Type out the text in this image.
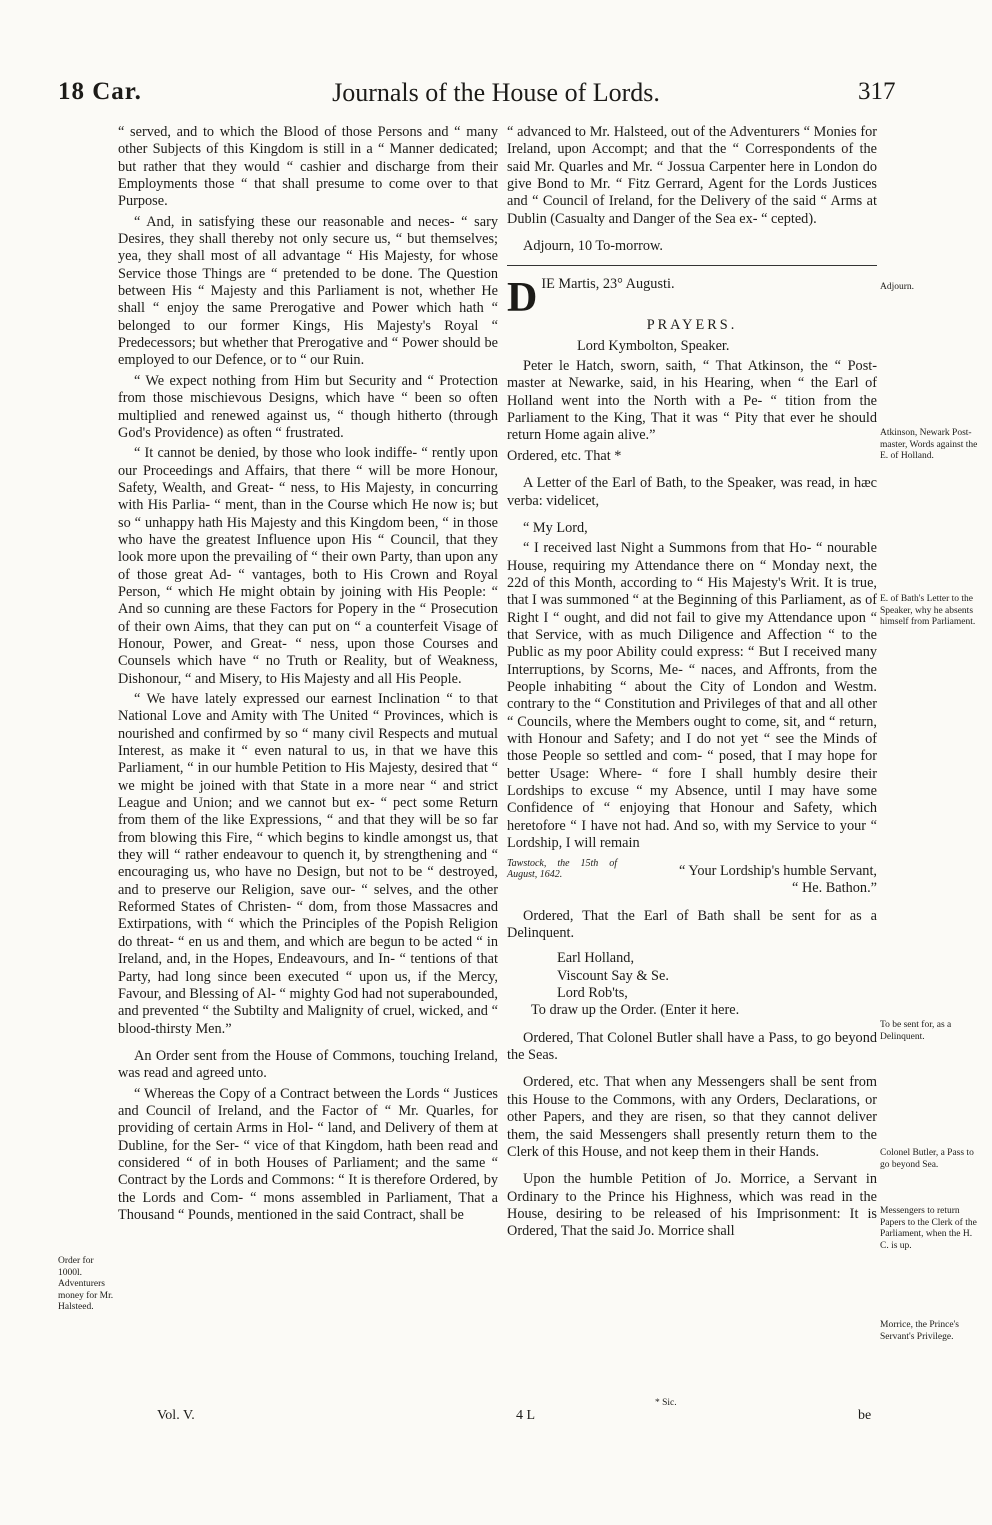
18 Car.	Journals of the House of Lords.	317

“ served, and to which the Blood of those Persons and “ many other Subjects of this Kingdom is still in a “ Manner dedicated; but rather that they would “ cashier and discharge from their Employments those “ that shall presume to come over to that Purpose.

“ And, in satisfying these our reasonable and neces- “ sary Desires, they shall thereby not only secure us, “ but themselves; yea, they shall most of all advantage “ His Majesty, for whose Service those Things are “ pretended to be done. The Question between His “ Majesty and this Parliament is not, whether He shall “ enjoy the same Prerogative and Power which hath “ belonged to our former Kings, His Majesty's Royal “ Predecessors; but whether that Prerogative and “ Power should be employed to our Defence, or to “ our Ruin.

“ We expect nothing from Him but Security and “ Protection from those mischievous Designs, which have “ been so often multiplied and renewed against us, “ though hitherto (through God's Providence) as often “ frustrated.

“ It cannot be denied, by those who look indiffe- “ rently upon our Proceedings and Affairs, that there “ will be more Honour, Safety, Wealth, and Great- “ ness, to His Majesty, in concurring with His Parlia- “ ment, than in the Course which He now is; but so “ unhappy hath His Majesty and this Kingdom been, “ in those who have the greatest Influence upon His “ Council, that they look more upon the prevailing of “ their own Party, than upon any of those great Ad- “ vantages, both to His Crown and Royal Person, “ which He might obtain by joining with His People: “ And so cunning are these Factors for Popery in the “ Prosecution of their own Aims, that they can put on “ a counterfeit Visage of Honour, Power, and Great- “ ness, upon those Courses and Counsels which have “ no Truth or Reality, but of Weakness, Dishonour, “ and Misery, to His Majesty and all His People.

“ We have lately expressed our earnest Inclination “ to that National Love and Amity with The United “ Provinces, which is nourished and confirmed by so “ many civil Respects and mutual Interest, as make it “ even natural to us, in that we have this Parliament, “ in our humble Petition to His Majesty, desired that “ we might be joined with that State in a more near “ and strict League and Union; and we cannot but ex- “ pect some Return from them of the like Expressions, “ and that they will be so far from blowing this Fire, “ which begins to kindle amongst us, that they will “ rather endeavour to quench it, by strengthening and “ encouraging us, who have no Design, but not to be “ destroyed, and to preserve our Religion, save our- “ selves, and the other Reformed States of Christen- “ dom, from those Massacres and Extirpations, with “ which the Principles of the Popish Religion do threat- “ en us and them, and which are begun to be acted “ in Ireland, and, in the Hopes, Endeavours, and In- “ tentions of that Party, had long since been executed “ upon us, if the Mercy, Favour, and Blessing of Al- “ mighty God had not superabounded, and prevented “ the Subtilty and Malignity of cruel, wicked, and “ blood-thirsty Men.”

An Order sent from the House of Commons, touching Ireland, was read and agreed unto.

“ Whereas the Copy of a Contract between the Lords “ Justices and Council of Ireland, and the Factor of “ Mr. Quarles, for providing of certain Arms in Hol- “ land, and Delivery of them at Dubline, for the Ser- “ vice of that Kingdom, hath been read and considered “ of in both Houses of Parliament; and the same “ Contract by the Lords and Commons: “ It is therefore Ordered, by the Lords and Com- “ mons assembled in Parliament, That a Thousand “ Pounds, mentioned in the said Contract, shall be

Order for 1000l. Adventurers money for Mr. Halsteed.

“ advanced to Mr. Halsteed, out of the Adventurers “ Monies for Ireland, upon Accompt; and that the “ Correspondents of the said Mr. Quarles and Mr. “ Jossua Carpenter here in London do give Bond to Mr. “ Fitz Gerrard, Agent for the Lords Justices and “ Council of Ireland, for the Delivery of the said “ Arms at Dublin (Casualty and Danger of the Sea ex- “ cepted).

Adjourn, 10 To-morrow.

DIE Martis, 23° Augusti.

PRAYERS.

Lord Kymbolton, Speaker.

Peter le Hatch, sworn, saith, “ That Atkinson, the “ Post-master at Newarke, said, in his Hearing, when “ the Earl of Holland went into the North with a Pe- “ tition from the Parliament to the King, That it was “ Pity that ever he should return Home again alive.”

Ordered, etc. That *

A Letter of the Earl of Bath, to the Speaker, was read, in hæc verba: videlicet,

“ My Lord,

“ I received last Night a Summons from that Ho- “ nourable House, requiring my Attendance there on “ Monday next, the 22d of this Month, according to “ His Majesty's Writ. It is true, that I was summoned “ at the Beginning of this Parliament, as of Right I “ ought, and did not fail to give my Attendance upon “ that Service, with as much Diligence and Affection “ to the Public as my poor Ability could express: “ But I received many Interruptions, by Scorns, Me- “ naces, and Affronts, from the People inhabiting “ about the City of London and Westm. contrary to the “ Constitution and Privileges of that and all other “ Councils, where the Members ought to come, sit, and “ return, with Honour and Safety; and I do not yet “ see the Minds of those People so settled and com- “ posed, that I may hope for better Usage: Where- “ fore I shall humbly desire their Lordships to excuse “ my Absence, until I may have some Confidence of “ enjoying that Honour and Safety, which heretofore “ I have not had. And so, with my Service to your “ Lordship, I will remain

Tawstock, the 15th of August, 1642.	“ Your Lordship's humble Servant,

“ He. Bathon.”

Ordered, That the Earl of Bath shall be sent for as a Delinquent.

Earl Holland,

Viscount Say & Se.

Lord Rob'ts,

To draw up the Order. (Enter it here.

Ordered, That Colonel Butler shall have a Pass, to go beyond the Seas.

Ordered, etc. That when any Messengers shall be sent from this House to the Commons, with any Orders, Declarations, or other Papers, and they are risen, so that they cannot deliver them, the said Messengers shall presently return them to the Clerk of this House, and not keep them in their Hands.

Upon the humble Petition of Jo. Morrice, a Servant in Ordinary to the Prince his Highness, which was read in the House, desiring to be released of his Imprisonment: It is Ordered, That the said Jo. Morrice shall

Adjourn.
Atkinson, Newark Post-master, Words against the E. of Holland.
E. of Bath's Letter to the Speaker, why he absents himself from Parliament.
To be sent for, as a Delinquent.
Colonel Butler, a Pass to go beyond Sea.
Messengers to return Papers to the Clerk of the Parliament, when the H. C. is up.
Morrice, the Prince's Servant's Privilege.
Vol. V.	4 L
* Sic.
be
